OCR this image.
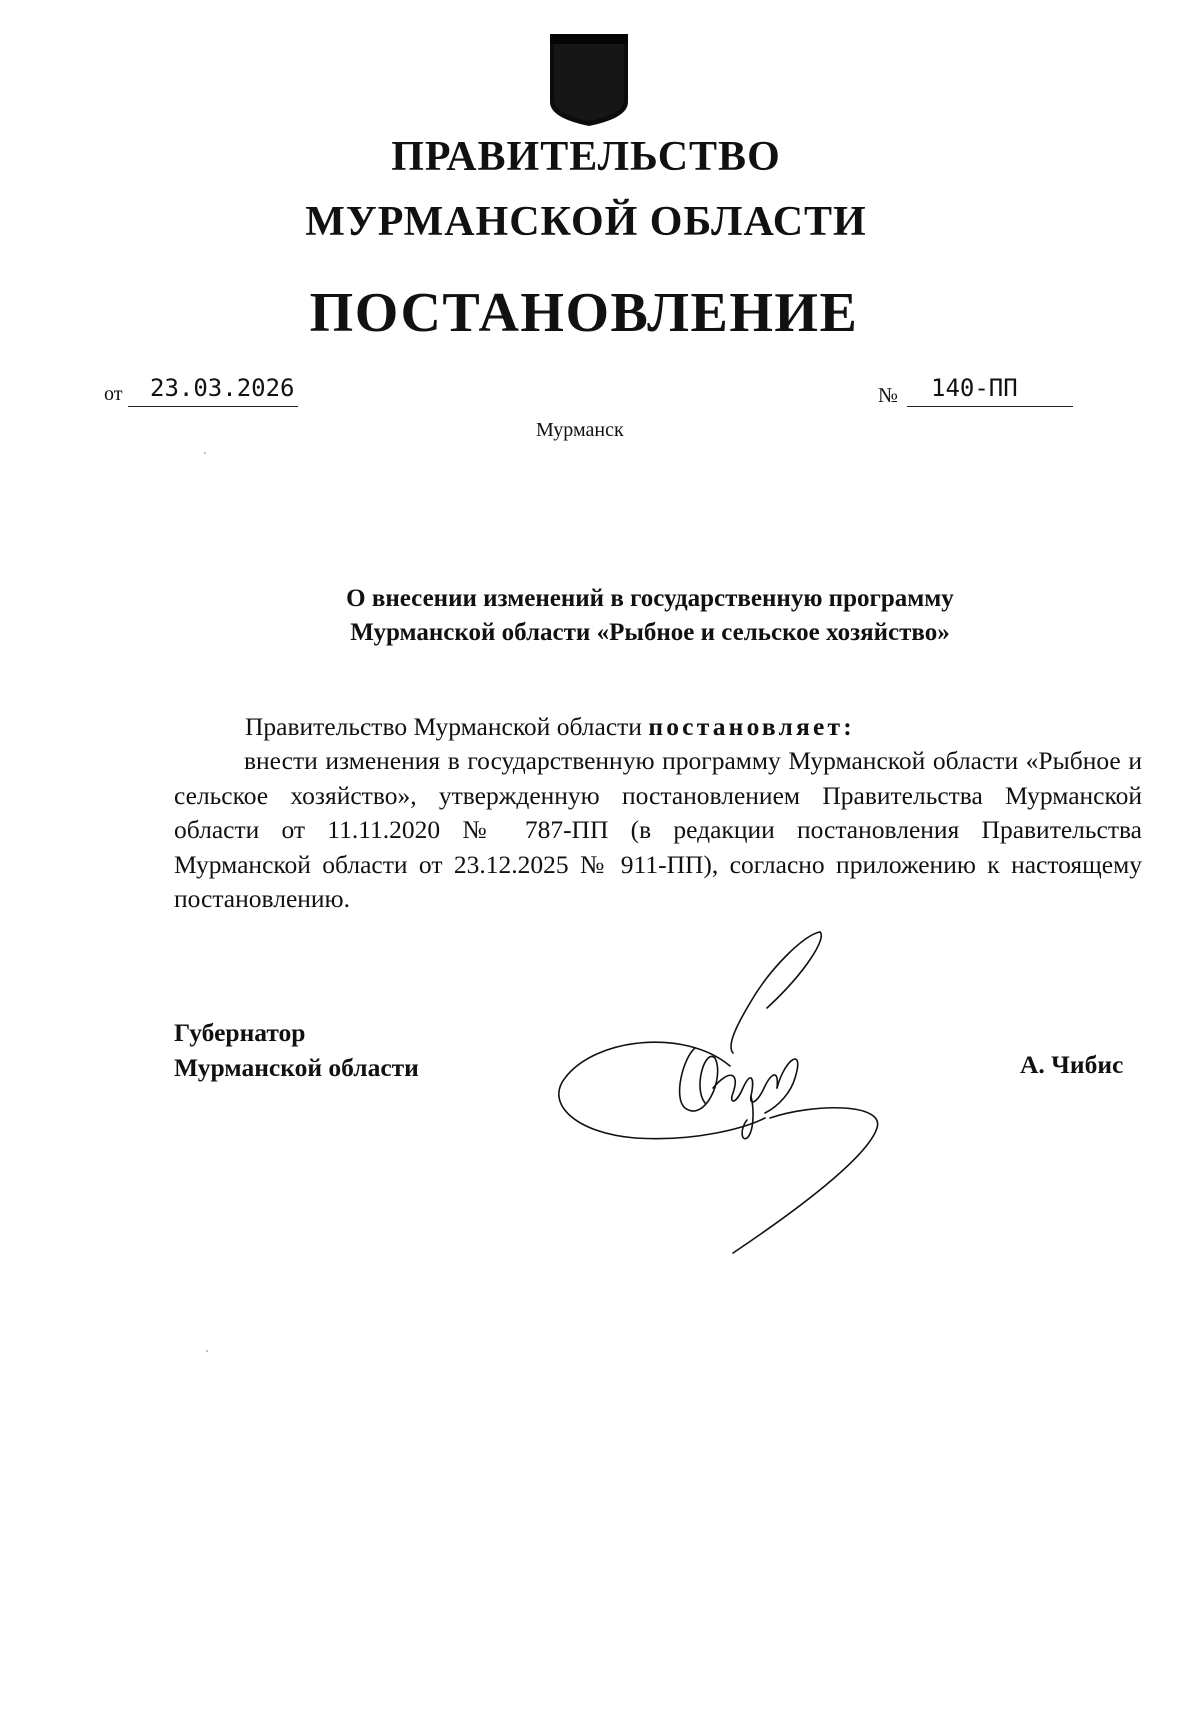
ПРАВИТЕЛЬСТВО
МУРМАНСКОЙ ОБЛАСТИ
ПОСТАНОВЛЕНИЕ
от 23.03.2026	№ 140-ПП
Мурманск
О внесении изменений в государственную программу
Мурманской области «Рыбное и сельское хозяйство»
Правительство Мурманской области постановляет:
внести изменения в государственную программу Мурманской области «Рыбное и сельское хозяйство», утвержденную постановлением Правительства Мурманской области от 11.11.2020 № 787-ПП (в редакции постановления Правительства Мурманской области от 23.12.2025 № 911-ПП), согласно приложению к настоящему постановлению.
Губернатор
Мурманской области	А. Чибис
